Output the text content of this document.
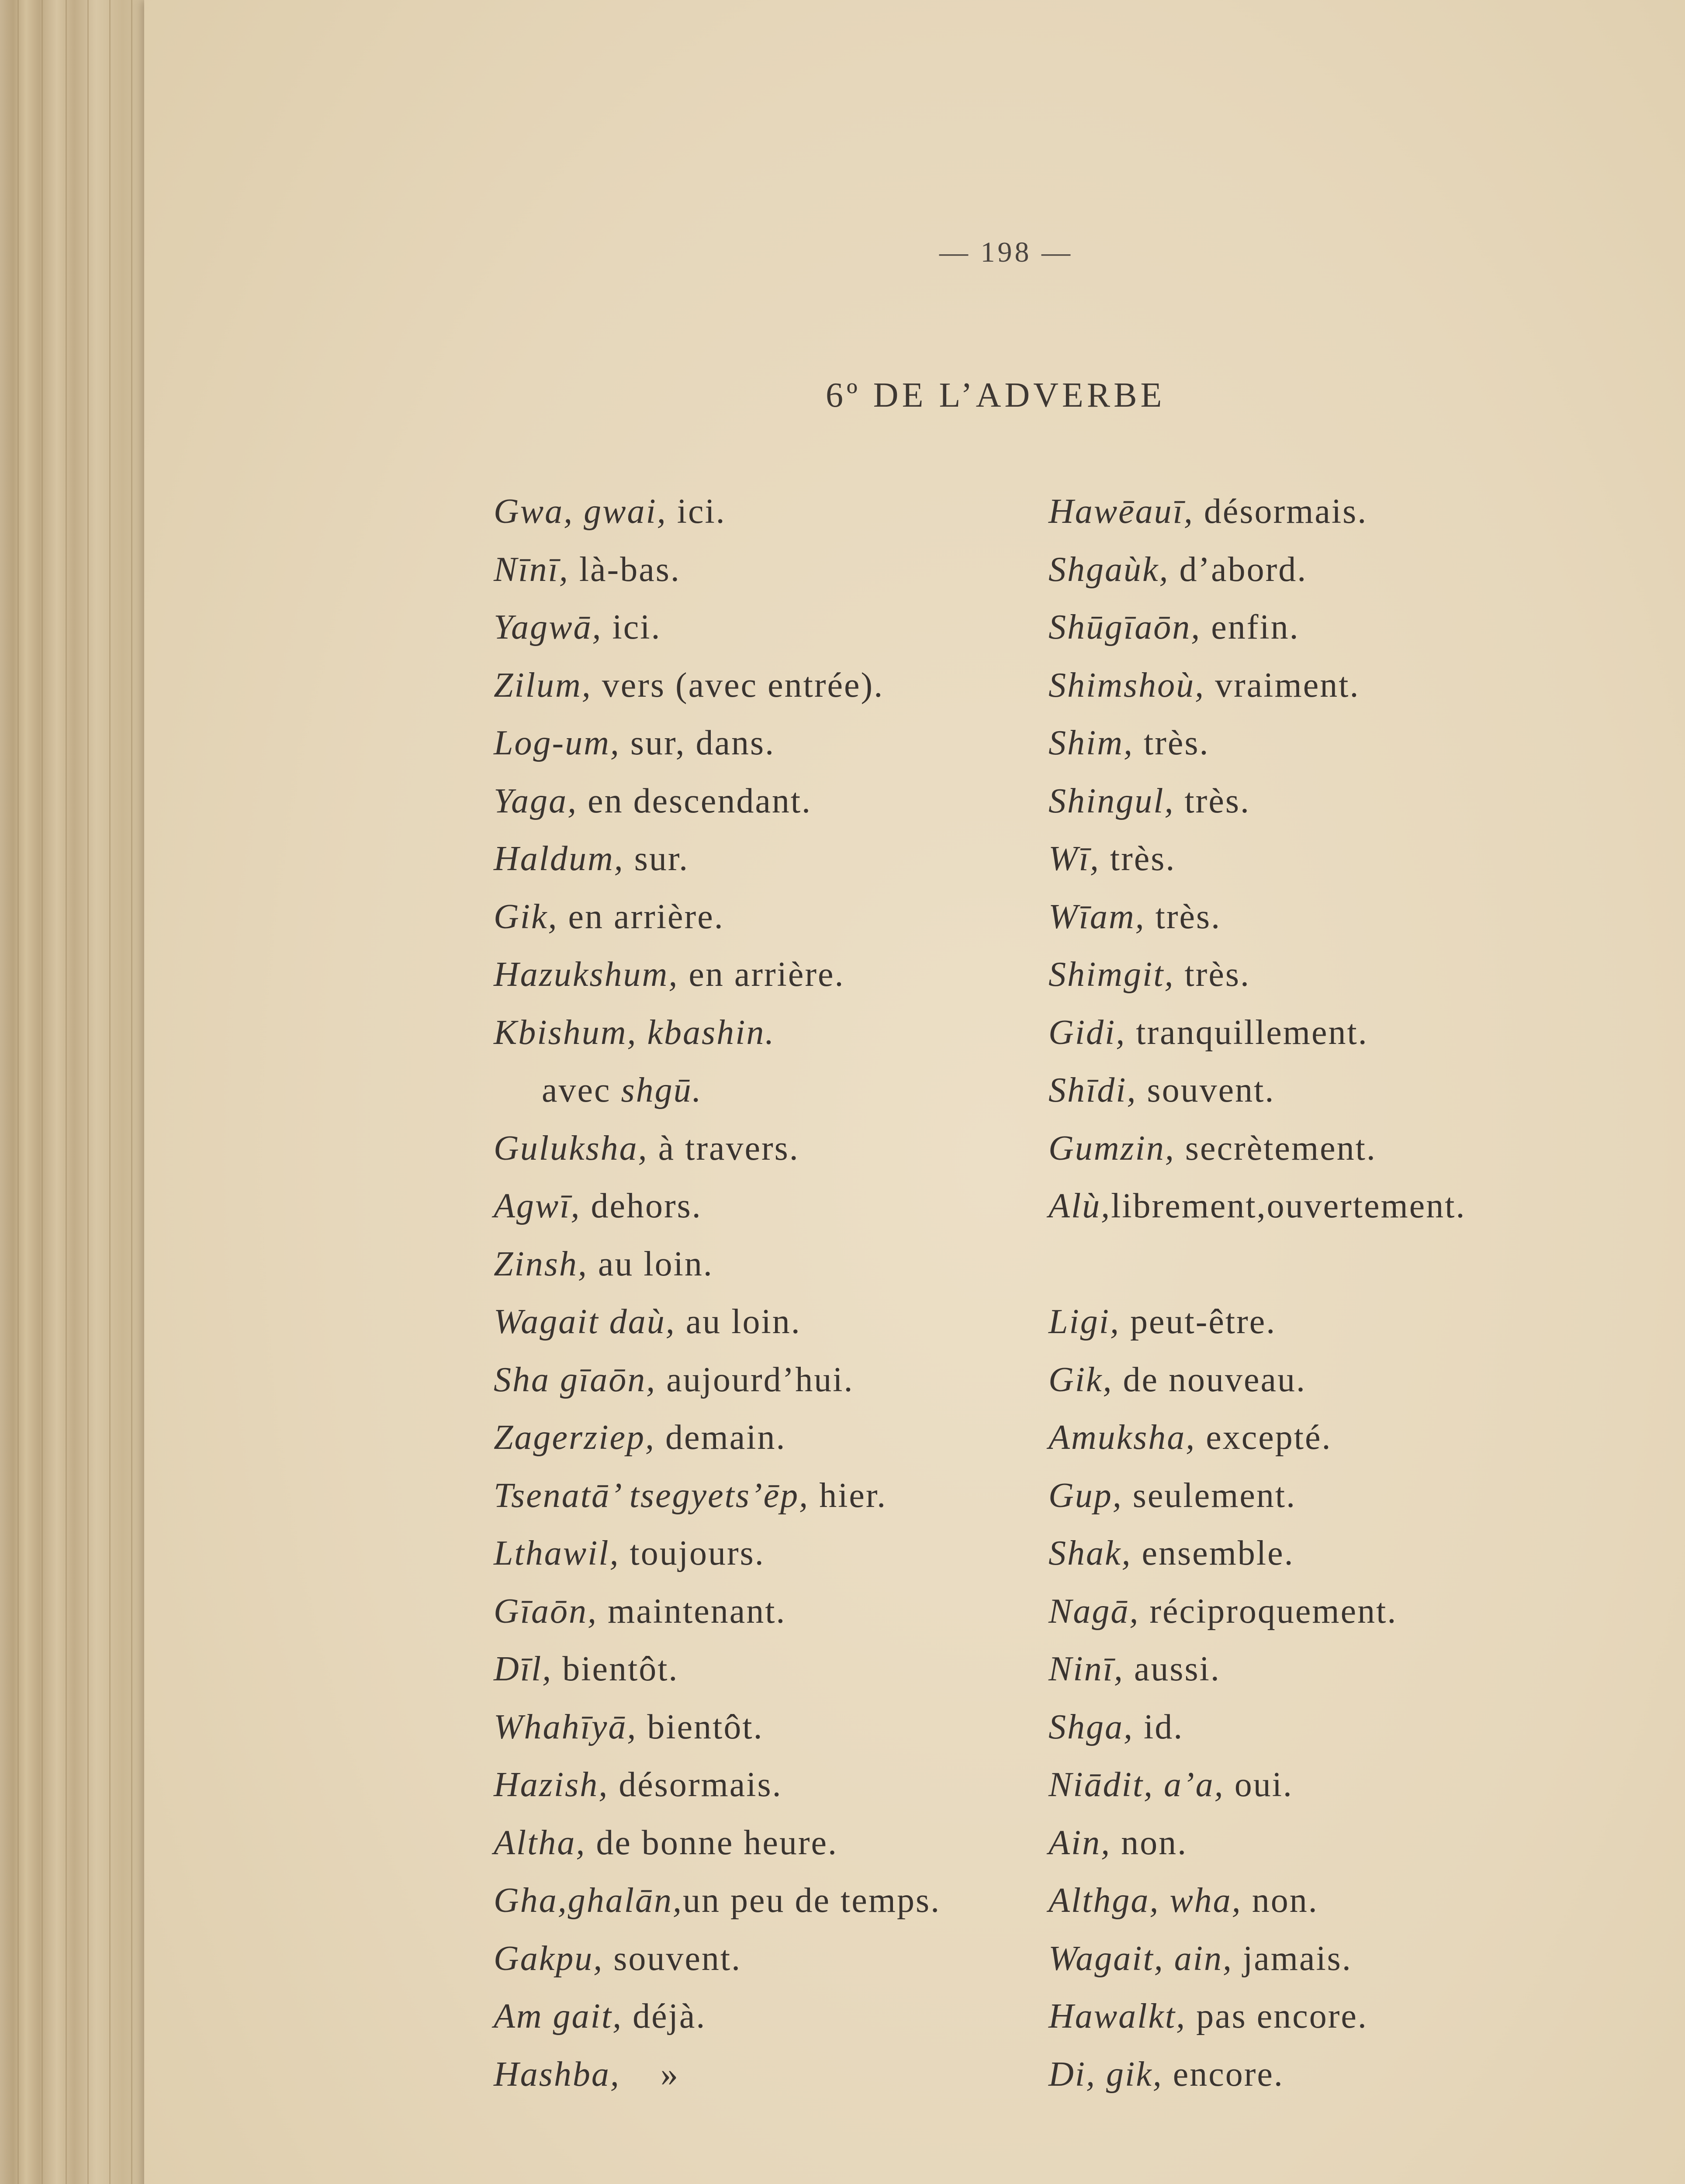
— 198 —
6º DE L’ADVERBE
Gwa, gwai, ici.
Nīnī, là-bas.
Yagwā, ici.
Zilum, vers (avec entrée).
Log-um, sur, dans.
Yaga, en descendant.
Haldum, sur.
Gik, en arrière.
Hazukshum, en arrière.
Kbishum, kbashin.
avec shgū.
Guluksha, à travers.
Agwī, dehors.
Zinsh, au loin.
Wagait daù, au loin.
Sha gīaōn, aujourd’hui.
Zagerziep, demain.
Tsenatā’ tsegyets’ēp, hier.
Lthawil, toujours.
Gīaōn, maintenant.
Dīl, bientôt.
Whahīyā, bientôt.
Hazish, désormais.
Altha, de bonne heure.
Gha,ghalān,un peu de temps.
Gakpu, souvent.
Am gait, déjà.
Hashba,    »
Hawēauī, désormais.
Shgaùk, d’abord.
Shūgīaōn, enfin.
Shimshoù, vraiment.
Shim, très.
Shingul, très.
Wī, très.
Wīam, très.
Shimgit, très.
Gidi, tranquillement.
Shīdi, souvent.
Gumzin, secrètement.
Alù,librement,ouvertement.

Ligi, peut-être.
Gik, de nouveau.
Amuksha, excepté.
Gup, seulement.
Shak, ensemble.
Nagā, réciproquement.
Ninī, aussi.
Shga, id.
Niādit, a’a, oui.
Ain, non.
Althga, wha, non.
Wagait, ain, jamais.
Hawalkt, pas encore.
Di, gik, encore.
